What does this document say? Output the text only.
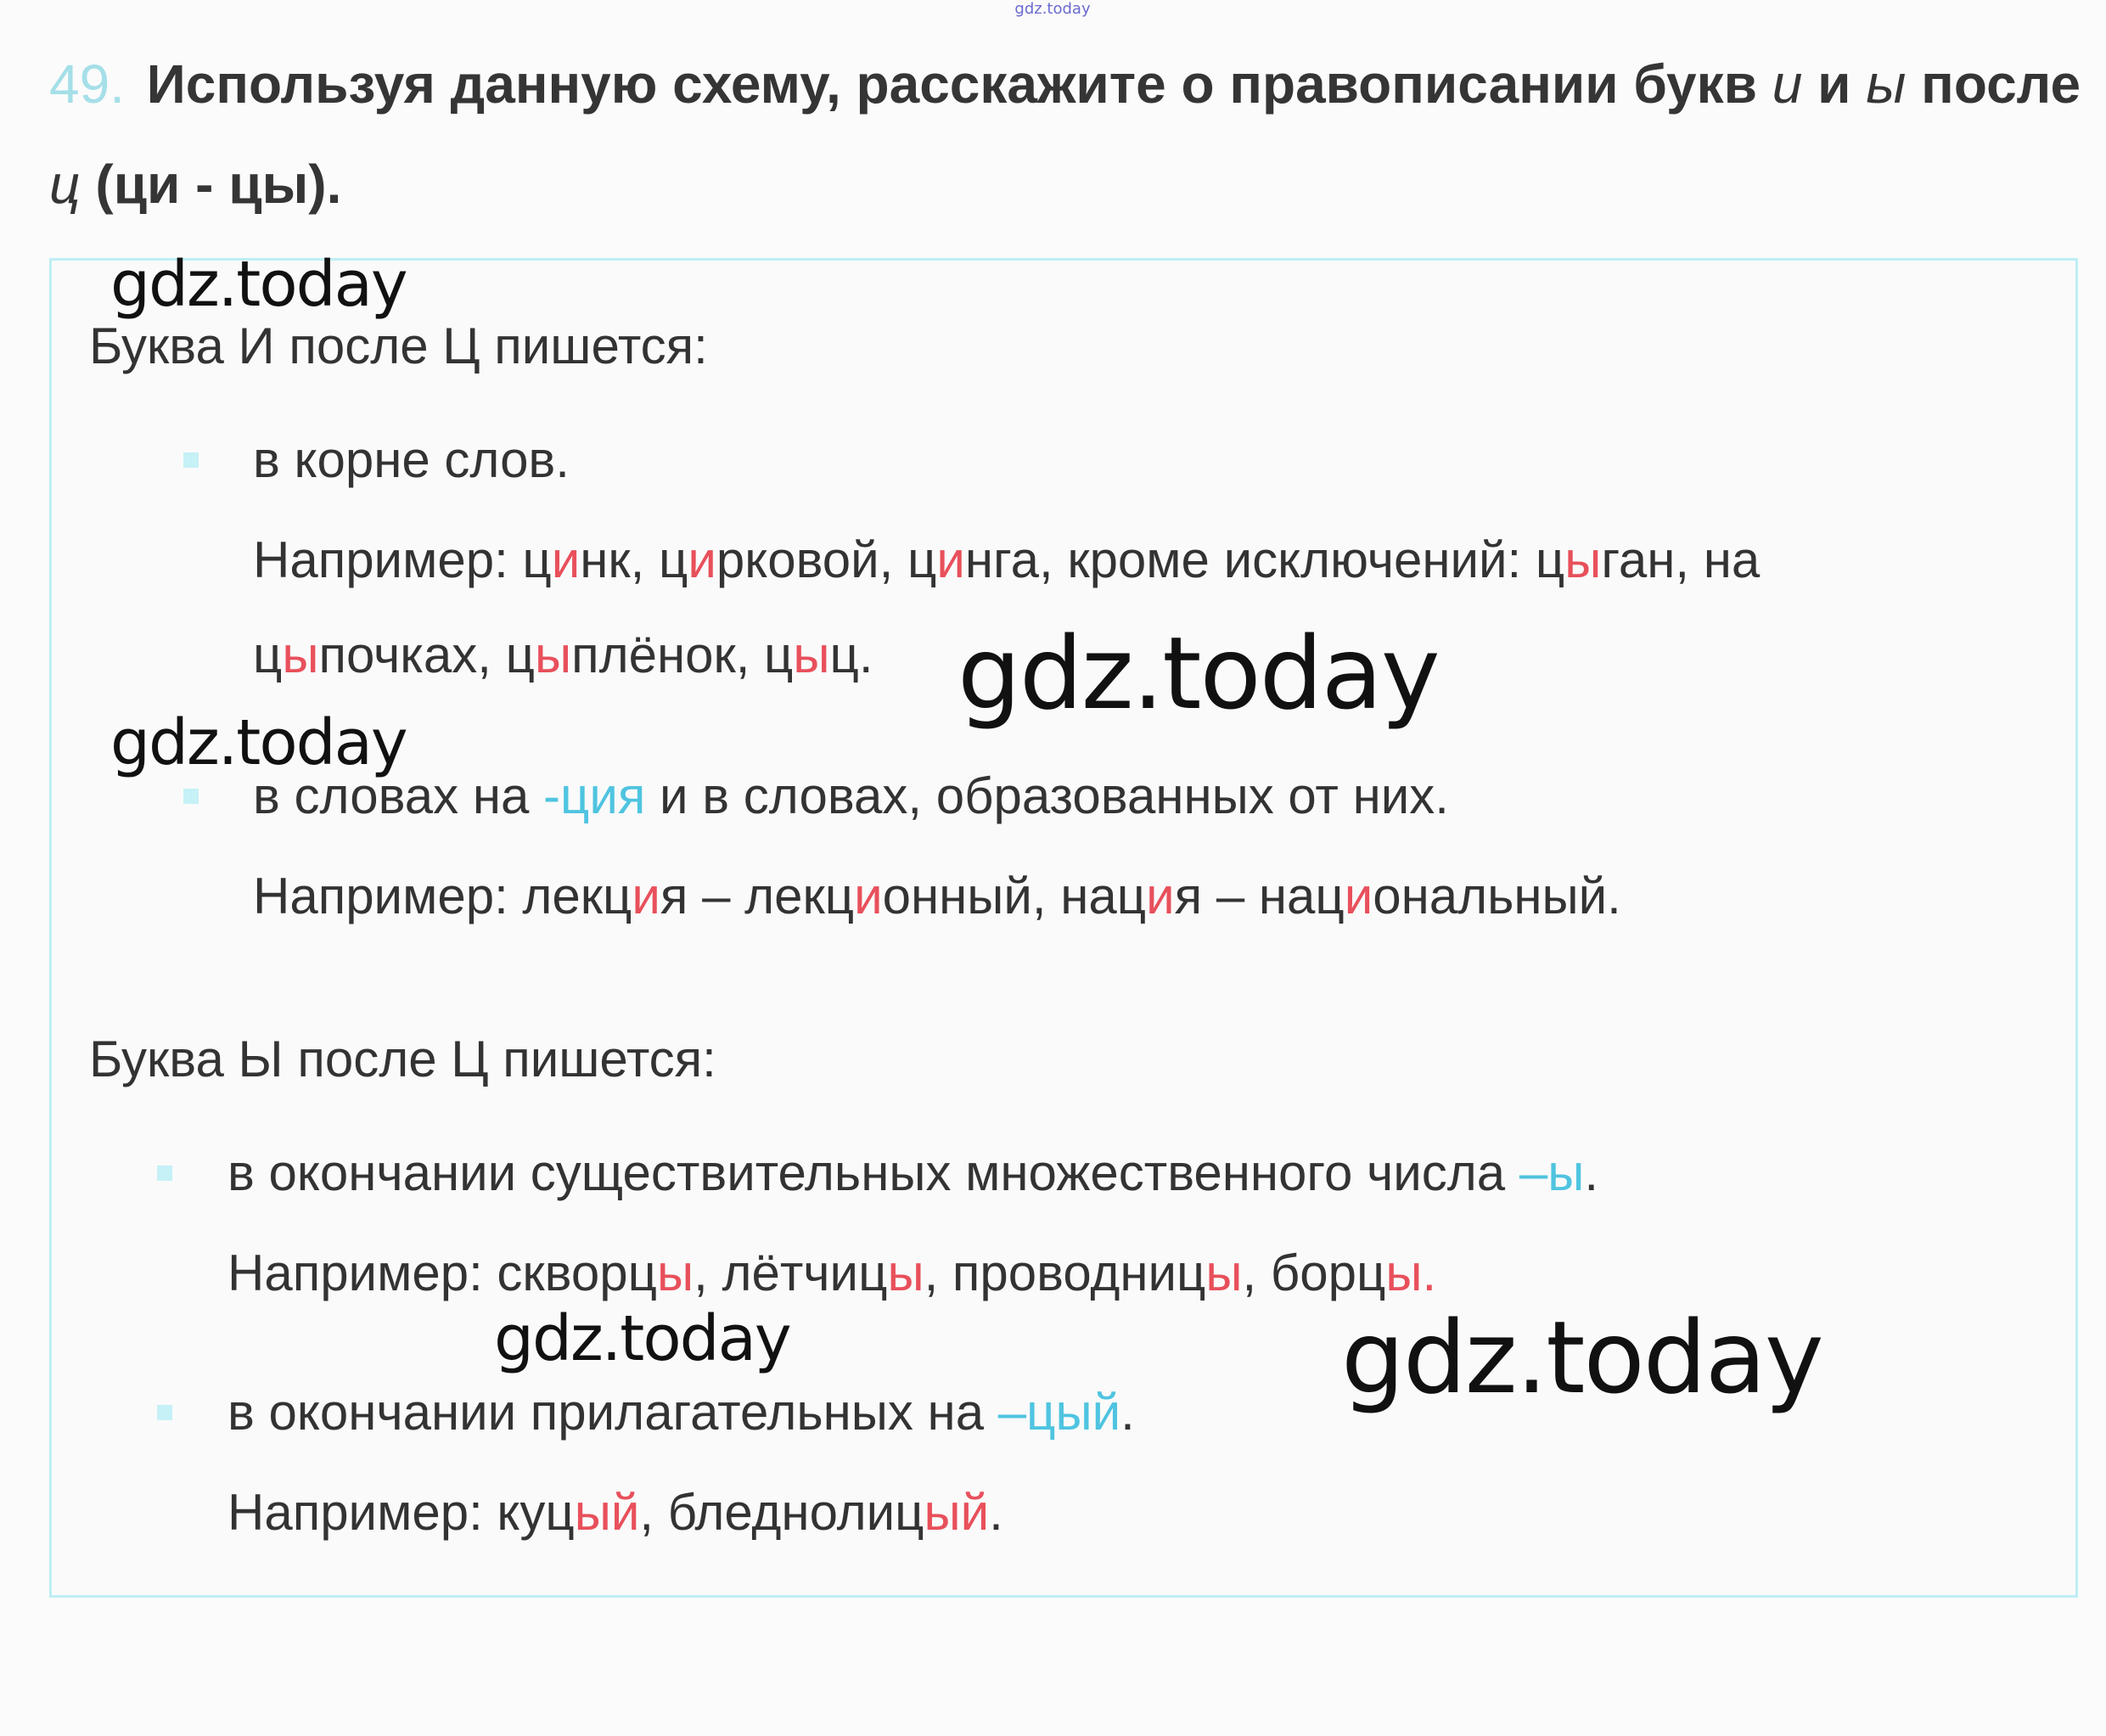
gdz.today
49. Используя данную схему, расскажите о правописании букв и и ы после
ц (ци - цы).
Буква И после Ц пишется:
в корне слов.
Например: цинк, цирковой, цинга, кроме исключений: цыган, на
цыпочках, цыплёнок, цыц.
в словах на -ция и в словах, образованных от них.
Например: лекция – лекционный, нация – национальный.
Буква Ы после Ц пишется:
в окончании существительных множественного числа –ы.
Например: скворцы, лётчицы, проводницы, борцы.
в окончании прилагательных на –цый.
Например: куцый, бледнолицый.
gdz.today
gdz.today
gdz.today
gdz.today	gdz.today
